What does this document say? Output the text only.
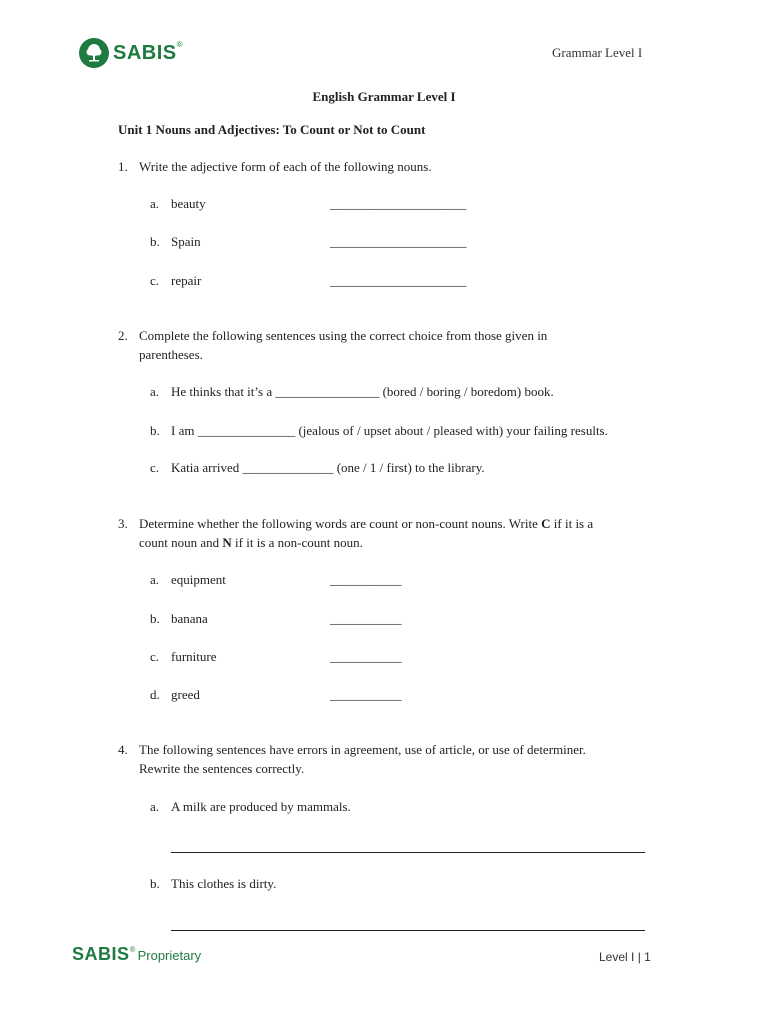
SABIS®
Grammar Level I
English Grammar Level I
Unit 1 Nouns and Adjectives: To Count or Not to Count
1. Write the adjective form of each of the following nouns.
a. beauty	_____________________
b. Spain	_____________________
c. repair	_____________________
2. Complete the following sentences using the correct choice from those given in
parentheses.
a. He thinks that it’s a ________________ (bored / boring / boredom) book.
b. I am _______________ (jealous of / upset about / pleased with) your failing results.
c. Katia arrived ______________ (one / 1 / first) to the library.
3. Determine whether the following words are count or non-count nouns. Write C if it is a
count noun and N if it is a non-count noun.
a. equipment	___________
b. banana	___________
c. furniture	___________
d. greed	___________
4. The following sentences have errors in agreement, use of article, or use of determiner.
Rewrite the sentences correctly.
a. A milk are produced by mammals.
b. This clothes is dirty.
SABIS ® Proprietary	Level I | 1
